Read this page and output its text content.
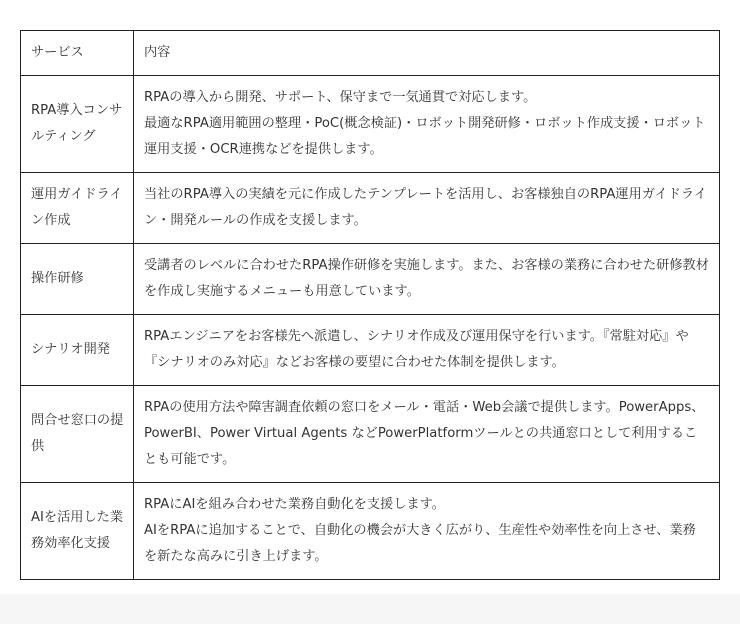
サービス	内容
RPA導入コンサルティング	RPAの導入から開発、サポート、保守まで一気通貫で対応します。
最適なRPA適用範囲の整理・PoC(概念検証)・ロボット開発研修・ロボット作成支援・ロボット運用支援・OCR連携などを提供します。

運用ガイドライン作成	当社のRPA導入の実績を元に作成したテンプレートを活用し、お客様独自のRPA運用ガイドライン・開発ルールの作成を支援します。

操作研修	受講者のレベルに合わせたRPA操作研修を実施します。また、お客様の業務に合わせた研修教材を作成し実施するメニューも用意しています。

シナリオ開発	RPAエンジニアをお客様先へ派遣し、シナリオ作成及び運用保守を行います。『常駐対応』や『シナリオのみ対応』などお客様の要望に合わせた体制を提供します。

問合せ窓口の提供	RPAの使用方法や障害調査依頼の窓口をメール・電話・Web会議で提供します。PowerApps、PowerBI、Power Virtual Agents などPowerPlatformツールとの共通窓口として利用することも可能です。

AIを活用した業務効率化支援	RPAにAIを組み合わせた業務自動化を支援します。
AIをRPAに追加することで、自動化の機会が大きく広がり、生産性や効率性を向上させ、業務を新たな高みに引き上げます。
